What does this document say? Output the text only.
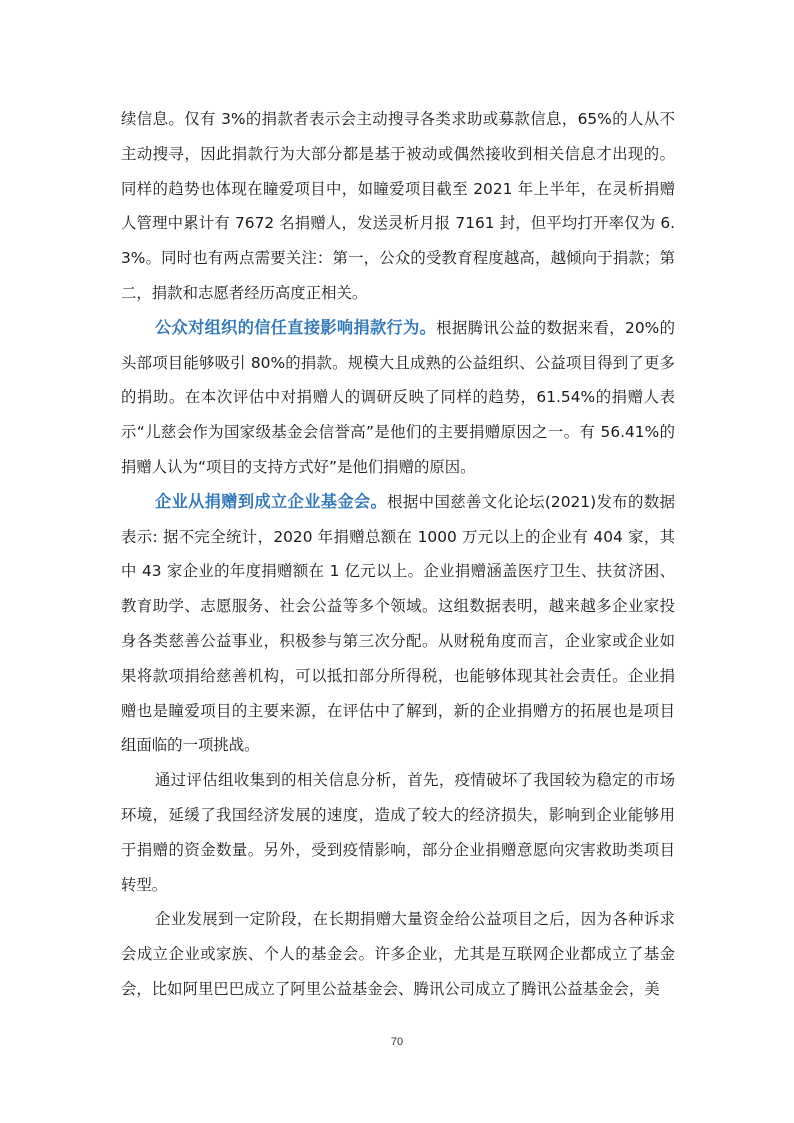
续信息。仅有 3%的捐款者表示会主动搜寻各类求助或募款信息，65%的人从不主动搜寻，因此捐款行为大部分都是基于被动或偶然接收到相关信息才出现的。同样的趋势也体现在瞳爱项目中，如瞳爱项目截至 2021 年上半年，在灵析捐赠人管理中累计有 7672 名捐赠人，发送灵析月报 7161 封，但平均打开率仅为 6.3%。同时也有两点需要关注：第一，公众的受教育程度越高，越倾向于捐款；第二，捐款和志愿者经历高度正相关。

公众对组织的信任直接影响捐款行为。根据腾讯公益的数据来看，20%的头部项目能够吸引 80%的捐款。规模大且成熟的公益组织、公益项目得到了更多的捐助。在本次评估中对捐赠人的调研反映了同样的趋势，61.54%的捐赠人表示“儿慈会作为国家级基金会信誉高”是他们的主要捐赠原因之一。有 56.41%的捐赠人认为“项目的支持方式好”是他们捐赠的原因。

企业从捐赠到成立企业基金会。根据中国慈善文化论坛(2021)发布的数据表示: 据不完全统计，2020 年捐赠总额在 1000 万元以上的企业有 404 家，其中 43 家企业的年度捐赠额在 1 亿元以上。企业捐赠涵盖医疗卫生、扶贫济困、教育助学、志愿服务、社会公益等多个领域。这组数据表明，越来越多企业家投身各类慈善公益事业，积极参与第三次分配。从财税角度而言，企业家或企业如果将款项捐给慈善机构，可以抵扣部分所得税，也能够体现其社会责任。企业捐赠也是瞳爱项目的主要来源，在评估中了解到，新的企业捐赠方的拓展也是项目组面临的一项挑战。

通过评估组收集到的相关信息分析，首先，疫情破坏了我国较为稳定的市场环境，延缓了我国经济发展的速度，造成了较大的经济损失，影响到企业能够用于捐赠的资金数量。另外，受到疫情影响，部分企业捐赠意愿向灾害救助类项目转型。

企业发展到一定阶段，在长期捐赠大量资金给公益项目之后，因为各种诉求会成立企业或家族、个人的基金会。许多企业，尤其是互联网企业都成立了基金会，比如阿里巴巴成立了阿里公益基金会、腾讯公司成立了腾讯公益基金会，美

70
